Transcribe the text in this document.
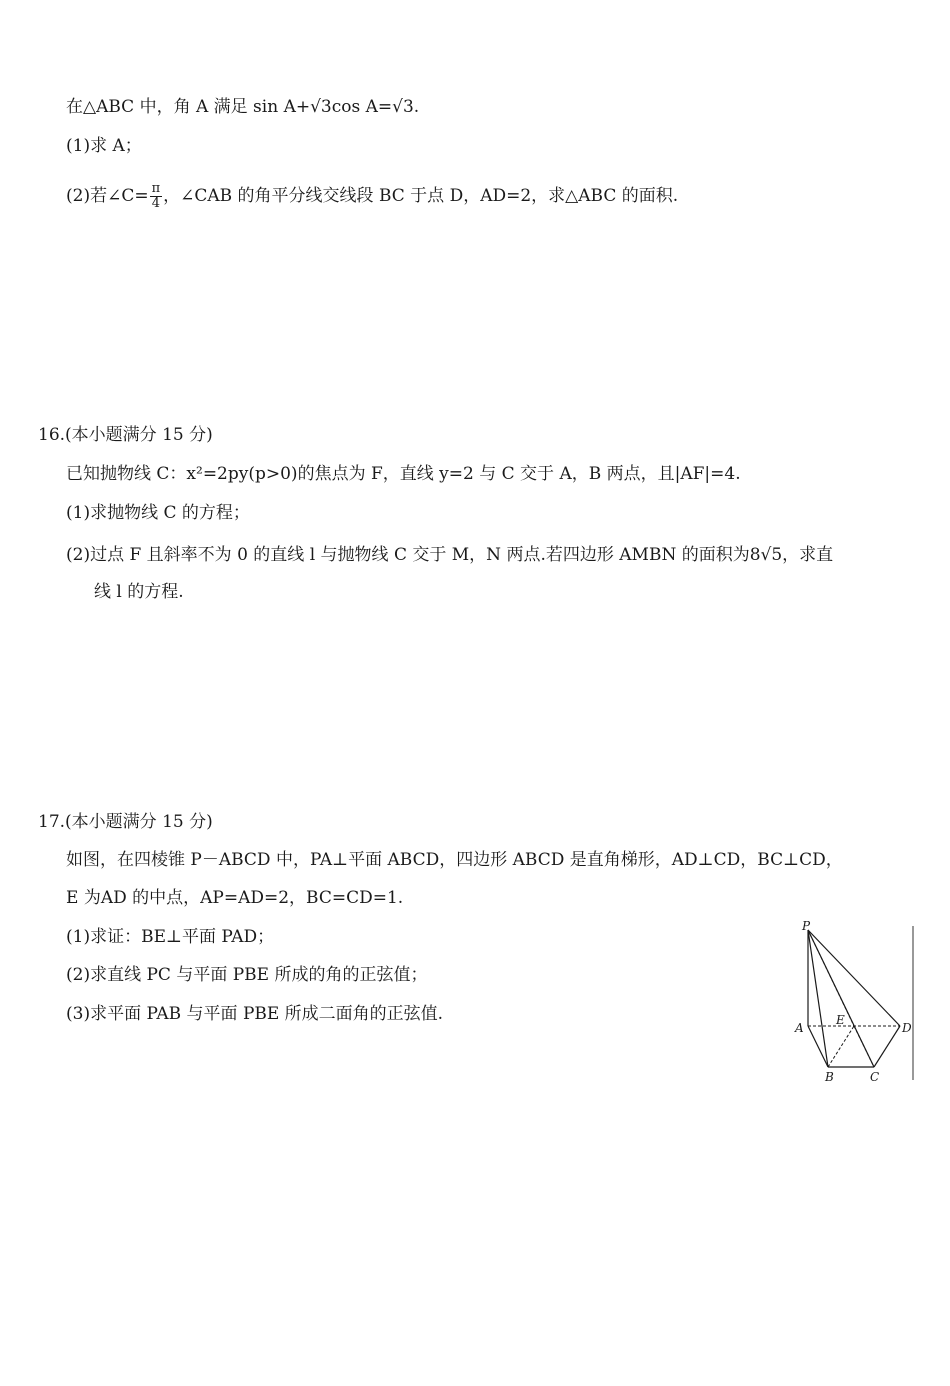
在△ABC 中，角 A 满足 sin A+√3cos A=√3.
(1)求 A；
(2)若∠C= $\frac{\pi}{4}$ ，∠CAB 的角平分线交线段 BC 于点 D，AD=2，求△ABC 的面积.
16.(本小题满分 15 分)
已知抛物线 C：x²=2py(p>0)的焦点为 F，直线 y=2 与 C 交于 A，B 两点，且|AF|=4.
(1)求抛物线 C 的方程；
(2)过点 F 且斜率不为 0 的直线 l 与抛物线 C 交于 M，N 两点.若四边形 AMBN 的面积为8√5，求直
线 l 的方程.
17.(本小题满分 15 分)
如图，在四棱锥 P－ABCD 中，PA⊥平面 ABCD，四边形 ABCD 是直角梯形，AD⊥CD，BC⊥CD，
E 为AD 的中点，AP=AD=2，BC=CD=1.
(1)求证：BE⊥平面 PAD；
(2)求直线 PC 与平面 PBE 所成的角的正弦值；
(3)求平面 PAB 与平面 PBE 所成二面角的正弦值.
P
A
E
D
B	C
